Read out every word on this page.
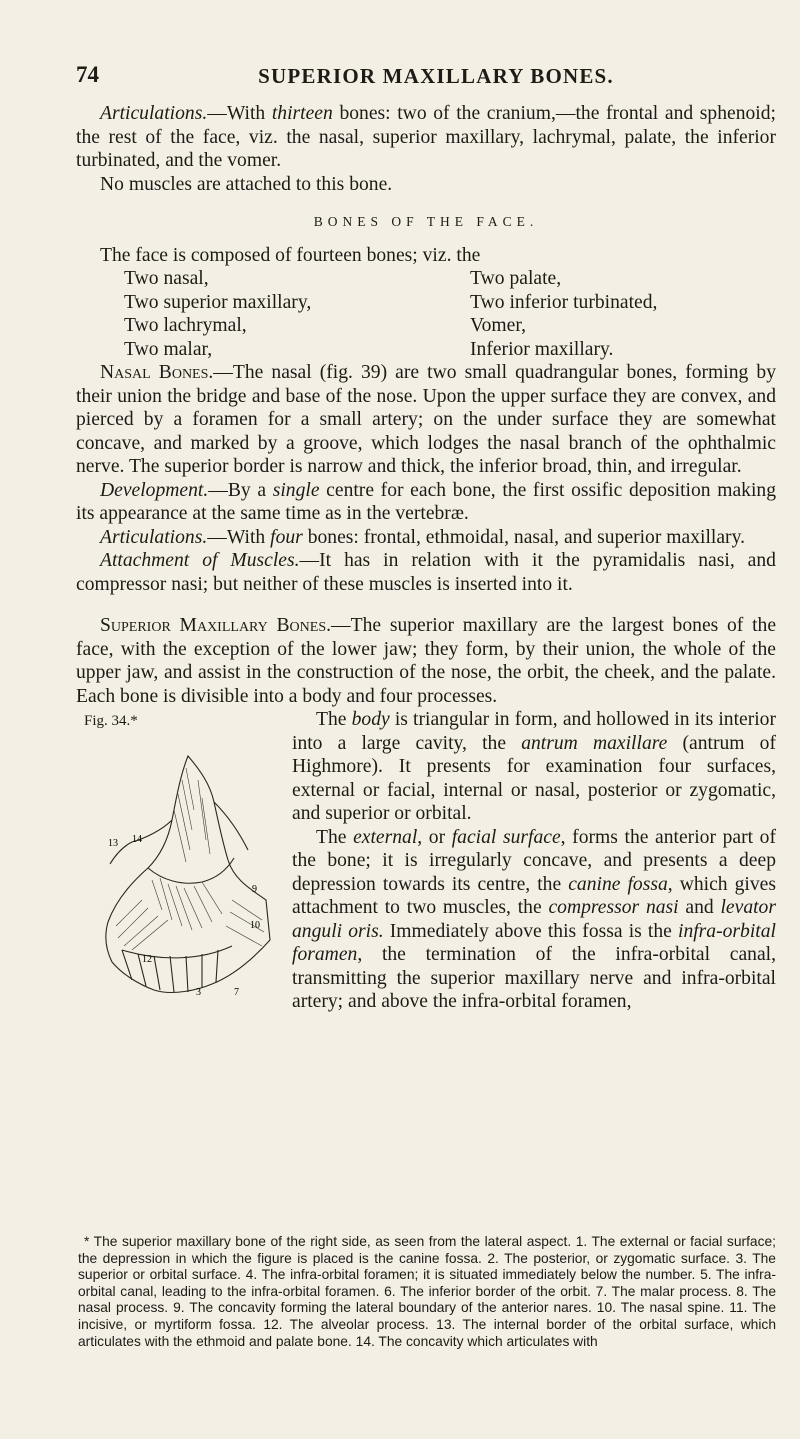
74	SUPERIOR MAXILLARY BONES.

Articulations.—With thirteen bones: two of the cranium,—the frontal and sphenoid; the rest of the face, viz. the nasal, superior maxillary, lachrymal, palate, the inferior turbinated, and the vomer.

No muscles are attached to this bone.

BONES OF THE FACE.

The face is composed of fourteen bones; viz. the

Two nasal,
Two superior maxillary,
Two lachrymal,
Two malar,
Two palate,
Two inferior turbinated,
Vomer,
Inferior maxillary.

Nasal Bones.—The nasal (fig. 39) are two small quadrangular bones, forming by their union the bridge and base of the nose. Upon the upper surface they are convex, and pierced by a foramen for a small artery; on the under surface they are somewhat concave, and marked by a groove, which lodges the nasal branch of the ophthalmic nerve. The superior border is narrow and thick, the inferior broad, thin, and irregular.

Development.—By a single centre for each bone, the first ossific deposition making its appearance at the same time as in the vertebræ.

Articulations.—With four bones: frontal, ethmoidal, nasal, and superior maxillary.

Attachment of Muscles.—It has in relation with it the pyramidalis nasi, and compressor nasi; but neither of these muscles is inserted into it.

Superior Maxillary Bones.—The superior maxillary are the largest bones of the face, with the exception of the lower jaw; they form, by their union, the whole of the upper jaw, and assist in the construction of the nose, the orbit, the cheek, and the palate. Each bone is divisible into a body and four processes.

Fig. 34.*
13 14
9
10
12
3	7

The body is triangular in form, and hollowed in its interior into a large cavity, the antrum maxillare (antrum of Highmore). It presents for examination four surfaces, external or facial, internal or nasal, posterior or zygomatic, and superior or orbital.

The external, or facial surface, forms the anterior part of the bone; it is irregularly concave, and presents a deep depression towards its centre, the canine fossa, which gives attachment to two muscles, the compressor nasi and levator anguli oris. Immediately above this fossa is the infra-orbital foramen, the termination of the infra-orbital canal, transmitting the superior maxillary nerve and infra-orbital artery; and above the infra-orbital foramen,

* The superior maxillary bone of the right side, as seen from the lateral aspect. 1. The external or facial surface; the depression in which the figure is placed is the canine fossa. 2. The posterior, or zygomatic surface. 3. The superior or orbital surface. 4. The infra-orbital foramen; it is situated immediately below the number. 5. The infra-orbital canal, leading to the infra-orbital foramen. 6. The inferior border of the orbit. 7. The malar process. 8. The nasal process. 9. The concavity forming the lateral boundary of the anterior nares. 10. The nasal spine. 11. The incisive, or myrtiform fossa. 12. The alveolar process. 13. The internal border of the orbital surface, which articulates with the ethmoid and palate bone. 14. The concavity which articulates with
